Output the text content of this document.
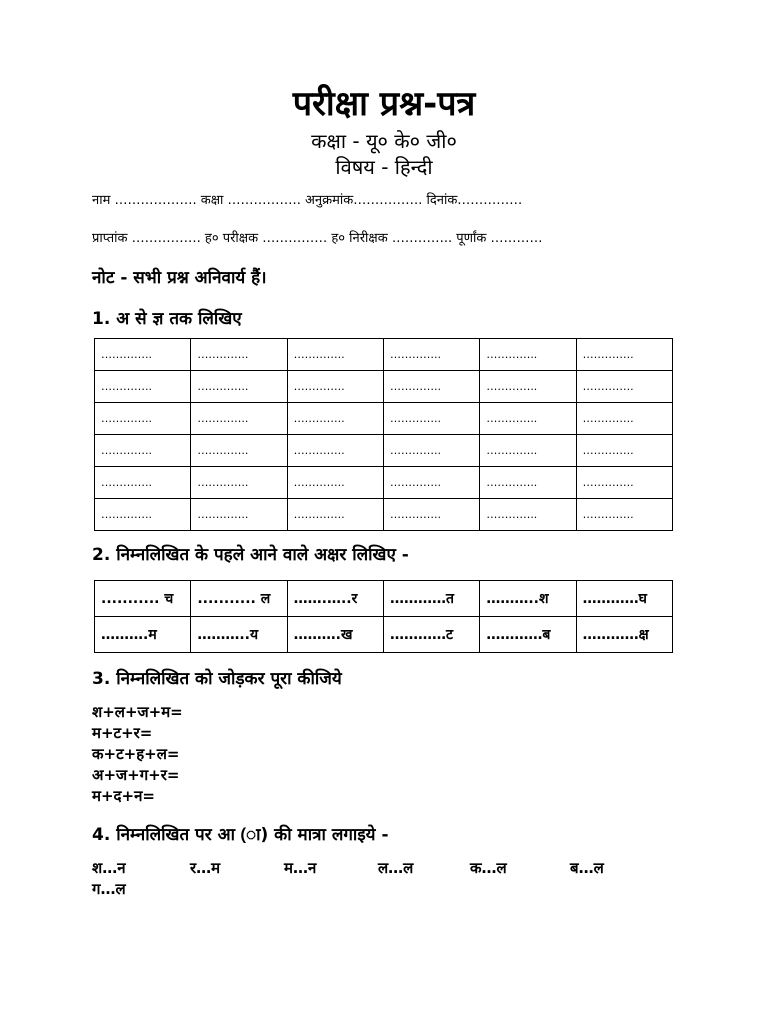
परीक्षा प्रश्न-पत्र
कक्षा - यू० के० जी०
विषय - हिन्दी
नाम ………………. कक्षा …………….. अनुक्रमांक……………. दिनांक……………
प्राप्तांक ……………. ह० परीक्षक …………… ह० निरीक्षक ………….. पूर्णांक …………
नोट - सभी प्रश्न अनिवार्य हैं।
1. अ से ज्ञ तक लिखिए
…………..	…………..	…………..	…………..	…………..	…………..
…………..	…………..	…………..	…………..	…………..	…………..
…………..	…………..	…………..	…………..	…………..	…………..
…………..	…………..	…………..	…………..	…………..	…………..
…………..	…………..	…………..	…………..	…………..	…………..
…………..	…………..	…………..	…………..	…………..	…………..
2. निम्नलिखित के पहले आने वाले अक्षर लिखिए -
........... च	........... ल	…….…..र	…………त	………..श	…………घ
……….म	………..य	……….ख	…………ट	…………ब	…………क्ष
3. निम्नलिखित को जोड़कर पूरा कीजिये
श+ल+ज+म=
म+ट+र=
क+ट+ह+ल=
अ+ज+ग+र=
म+द+न=
4. निम्नलिखित पर आ (ा) की मात्रा लगाइये -
श…न	र…म	म…न	ल…ल	क…ल	ब…ल
ग…ल
